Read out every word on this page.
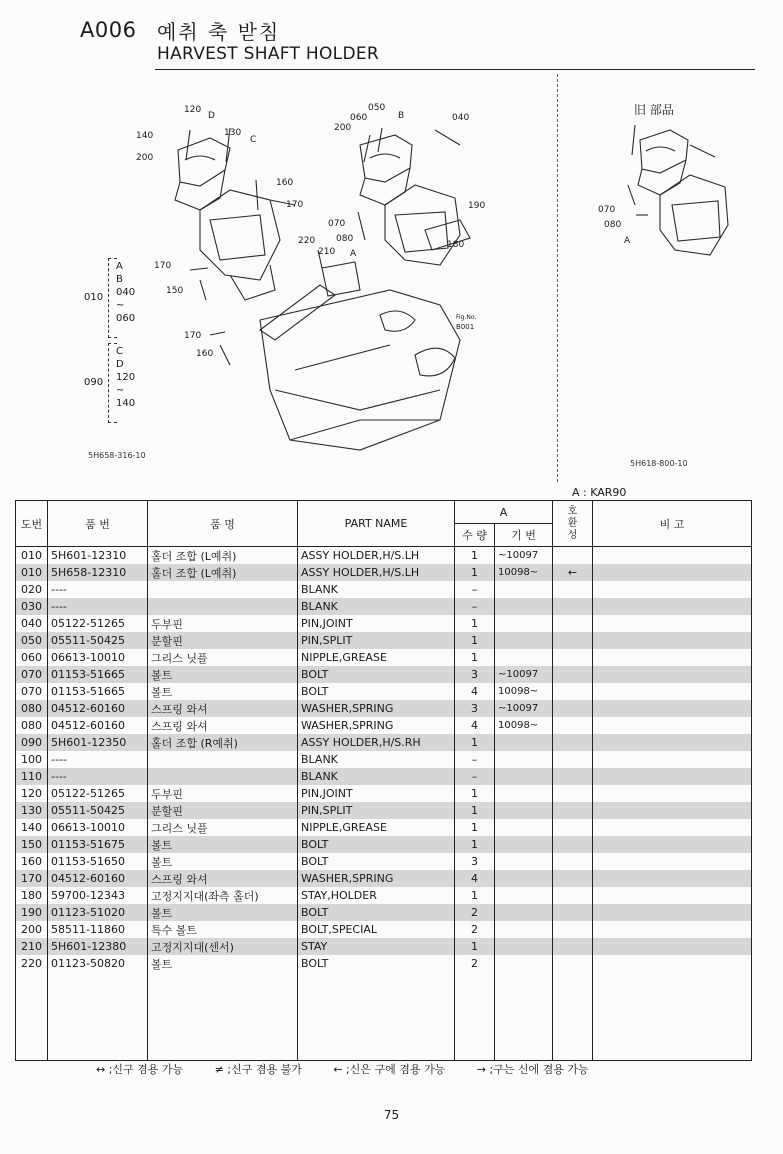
A006 예취 축 받침
HARVEST SHAFT HOLDER
120
D
130
C
140
200
160
170
050
060	B	040
200
190
070
080
A
180
220
210
170
150
170
160
Fig.No.
B001
010
A
B
040
~
060
090
C
D
120
~
140
5H658-316-10
旧 部品
070
080
A
5H618-800-10
A : KAR90
도번	품 번	품 명	PART NAME	A		호환성	비 고
				수 량	기 번		
010	5H601-12310	홀더 조합 (L예취)	ASSY HOLDER,H/S.LH	1	~10097		
010	5H658-12310	홀더 조합 (L예취)	ASSY HOLDER,H/S.LH	1	10098~	←	
020	----		BLANK	–			
030	----		BLANK	–			
040	05122-51265	두부핀	PIN,JOINT	1			
050	05511-50425	분할핀	PIN,SPLIT	1			
060	06613-10010	그리스 닛플	NIPPLE,GREASE	1			
070	01153-51665	볼트	BOLT	3	~10097		
070	01153-51665	볼트	BOLT	4	10098~		
080	04512-60160	스프링 와셔	WASHER,SPRING	3	~10097		
080	04512-60160	스프링 와셔	WASHER,SPRING	4	10098~		
090	5H601-12350	홀더 조합 (R예취)	ASSY HOLDER,H/S.RH	1			
100	----		BLANK	–			
110	----		BLANK	–			
120	05122-51265	두부핀	PIN,JOINT	1			
130	05511-50425	분할핀	PIN,SPLIT	1			
140	06613-10010	그리스 닛플	NIPPLE,GREASE	1			
150	01153-51675	볼트	BOLT	1			
160	01153-51650	볼트	BOLT	3			
170	04512-60160	스프링 와셔	WASHER,SPRING	4			
180	59700-12343	고정지지대(좌측 홀더)	STAY,HOLDER	1			
190	01123-51020	볼트	BOLT	2			
200	58511-11860	특수 볼트	BOLT,SPECIAL	2			
210	5H601-12380	고정지지대(센서)	STAY	1			
220	01123-50820	볼트	BOLT	2			

↔ ;신구 겸용 가능	≠ ;신구 겸용 불가	← ;신은 구에 겸용 가능	→ ;구는 신에 겸용 가능
75
